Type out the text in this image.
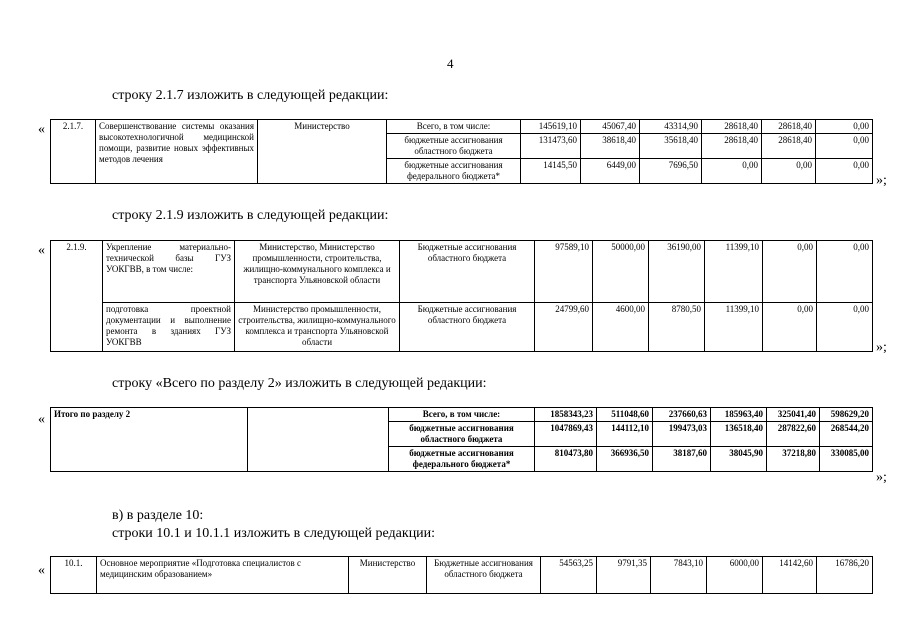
4
строку 2.1.7 изложить в следующей редакции:
«
»;
2.1.7.	Совершенствование системы оказания высокотехнологичной медицинской помощи, развитие новых эффективных методов лечения	Министерство	Всего, в том числе:	145619,10	45067,40	43314,90	28618,40	28618,40	0,00
			бюджетные ассигнования областного бюджета	131473,60	38618,40	35618,40	28618,40	28618,40	0,00
			бюджетные ассигнования федерального бюджета*	14145,50	6449,00	7696,50	0,00	0,00	0,00
строку 2.1.9 изложить в следующей редакции:
«
»;
2.1.9.	Укрепление материально-технической базы ГУЗ УОКГВВ, в том числе:	Министерство, Министерство промышленности, строительства, жилищно-коммунального комплекса и транспорта Ульяновской области	Бюджетные ассигнования областного бюджета	97589,10	50000,00	36190,00	11399,10	0,00	0,00
	подготовка проектной документации и выполнение ремонта в зданиях ГУЗ УОКГВВ	Министерство промышленности, строительства, жилищно-коммунального комплекса и транспорта Ульяновской области	Бюджетные ассигнования областного бюджета	24799,60	4600,00	8780,50	11399,10	0,00	0,00
строку «Всего по разделу 2» изложить в следующей редакции:
«
»;
Итого по разделу 2		Всего, в том числе:	1858343,23	511048,60	237660,63	185963,40	325041,40	598629,20
		бюджетные ассигнования областного бюджета	1047869,43	144112,10	199473,03	136518,40	287822,60	268544,20
		бюджетные ассигнования федерального бюджета*	810473,80	366936,50	38187,60	38045,90	37218,80	330085,00
в) в разделе 10:
строки 10.1 и 10.1.1 изложить в следующей редакции:
« 10.1.	Основное мероприятие «Подготовка специалистов с медицинским образованием»	Министерство	Бюджетные ассигнования областного бюджета	54563,25	9791,35	7843,10	6000,00	14142,60	16786,20
